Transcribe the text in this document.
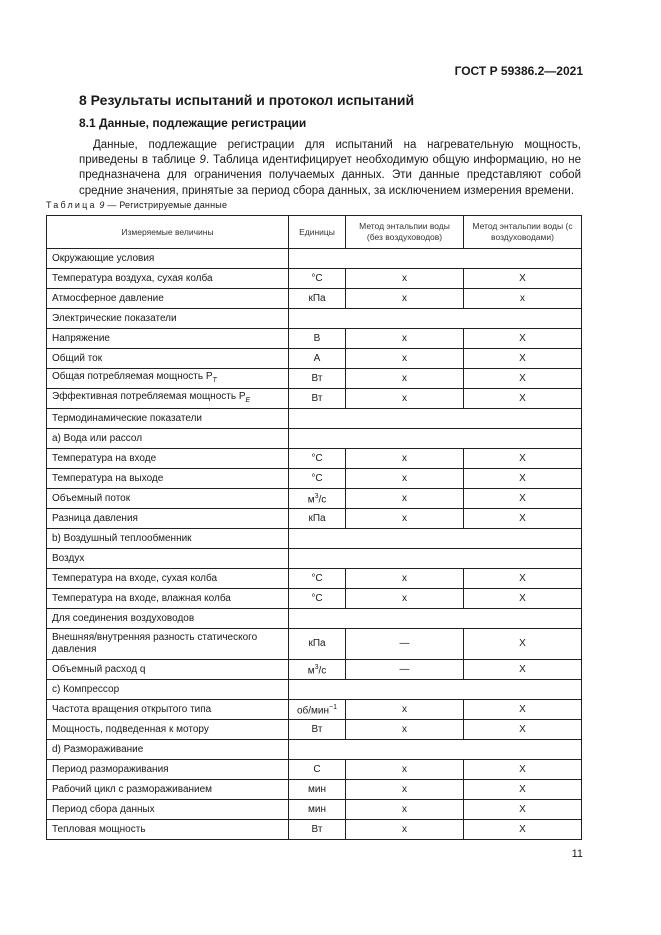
ГОСТ Р 59386.2—2021
8 Результаты испытаний и протокол испытаний
8.1 Данные, подлежащие регистрации
Данные, подлежащие регистрации для испытаний на нагревательную мощность, приведены в таблице 9. Таблица идентифицирует необходимую общую информацию, но не предназначена для ограничения получаемых данных. Эти данные представляют собой средние значения, принятые за период сбора данных, за исключением измерения времени.
Таблица 9 — Регистрируемые данные
Измеряемые величины	Единицы	Метод энтальпии воды (без воздуховодов)	Метод энтальпии воды (с воздуховодами)
Окружающие условия			
Температура воздуха, сухая колба	°С	х	X
Атмосферное давление	кПа	х	х
Электрические показатели			
Напряжение	В	х	X
Общий ток	А	х	X
Общая потребляемая мощность $P_T$	Вт	х	X
Эффективная потребляемая мощность $P_E$	Вт	х	X
Термодинамические показатели			
а) Вода или рассол			
Температура на входе	°С	х	X
Температура на выходе	°С	х	X
Объемный поток	$м^3/с$	х	X
Разница давления	кПа	х	X
b) Воздушный теплообменник			
Воздух			
Температура на входе, сухая колба	°С	х	X
Температура на входе, влажная колба	°С	х	X
Для соединения воздуховодов			
Внешняя/внутренняя разность статического давления	кПа	—	X
Объемный расход q	$м^3/с$	—	X
с) Компрессор			
Частота вращения открытого типа	об/мин$^{-1}$	х	X
Мощность, подведенная к мотору	Вт	х	X
d) Размораживание			
Период размораживания	С	х	X
Рабочий цикл с размораживанием	мин	х	X
Период сбора данных	мин	х	X
Тепловая мощность	Вт	х	X
11
